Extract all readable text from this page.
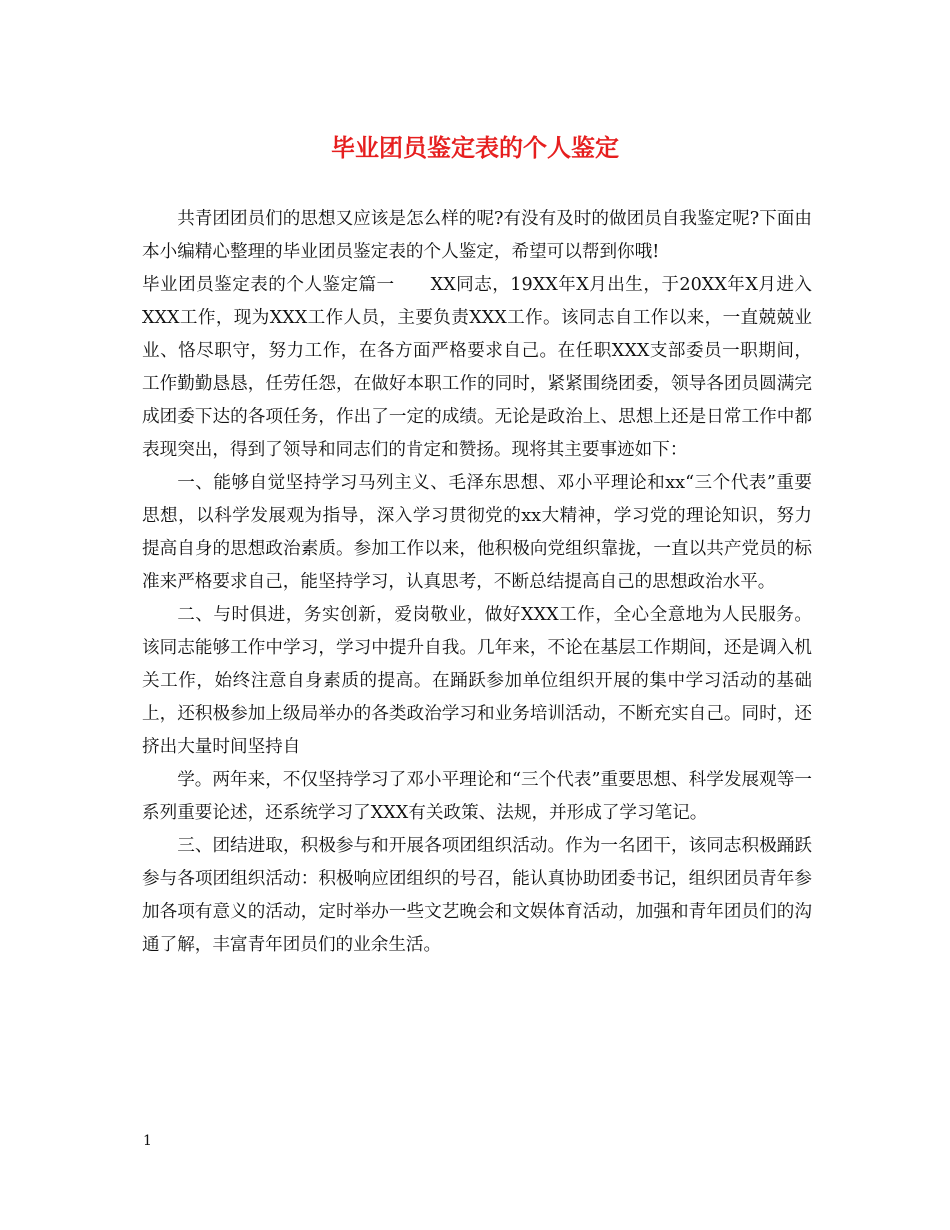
毕业团员鉴定表的个人鉴定

共青团团员们的思想又应该是怎么样的呢?有没有及时的做团员自我鉴定呢?下面由本小编精心整理的毕业团员鉴定表的个人鉴定，希望可以帮到你哦!

毕业团员鉴定表的个人鉴定篇一　　XX同志，19XX年X月出生，于20XX年X月进入XXX工作，现为XXX工作人员，主要负责XXX工作。该同志自工作以来，一直兢兢业业、恪尽职守，努力工作，在各方面严格要求自己。在任职XXX支部委员一职期间，工作勤勤恳恳，任劳任怨，在做好本职工作的同时，紧紧围绕团委，领导各团员圆满完成团委下达的各项任务，作出了一定的成绩。无论是政治上、思想上还是日常工作中都表现突出，得到了领导和同志们的肯定和赞扬。现将其主要事迹如下：

一、能够自觉坚持学习马列主义、毛泽东思想、邓小平理论和xx“三个代表”重要思想，以科学发展观为指导，深入学习贯彻党的xx大精神，学习党的理论知识，努力提高自身的思想政治素质。参加工作以来，他积极向党组织靠拢，一直以共产党员的标准来严格要求自己，能坚持学习，认真思考，不断总结提高自己的思想政治水平。

二、与时俱进，务实创新，爱岗敬业，做好XXX工作，全心全意地为人民服务。该同志能够工作中学习，学习中提升自我。几年来，不论在基层工作期间，还是调入机关工作，始终注意自身素质的提高。在踊跃参加单位组织开展的集中学习活动的基础上，还积极参加上级局举办的各类政治学习和业务培训活动，不断充实自己。同时，还挤出大量时间坚持自

学。两年来，不仅坚持学习了邓小平理论和“三个代表”重要思想、科学发展观等一系列重要论述，还系统学习了XXX有关政策、法规，并形成了学习笔记。

三、团结进取，积极参与和开展各项团组织活动。作为一名团干，该同志积极踊跃参与各项团组织活动：积极响应团组织的号召，能认真协助团委书记，组织团员青年参加各项有意义的活动，定时举办一些文艺晚会和文娱体育活动，加强和青年团员们的沟通了解，丰富青年团员们的业余生活。

1
